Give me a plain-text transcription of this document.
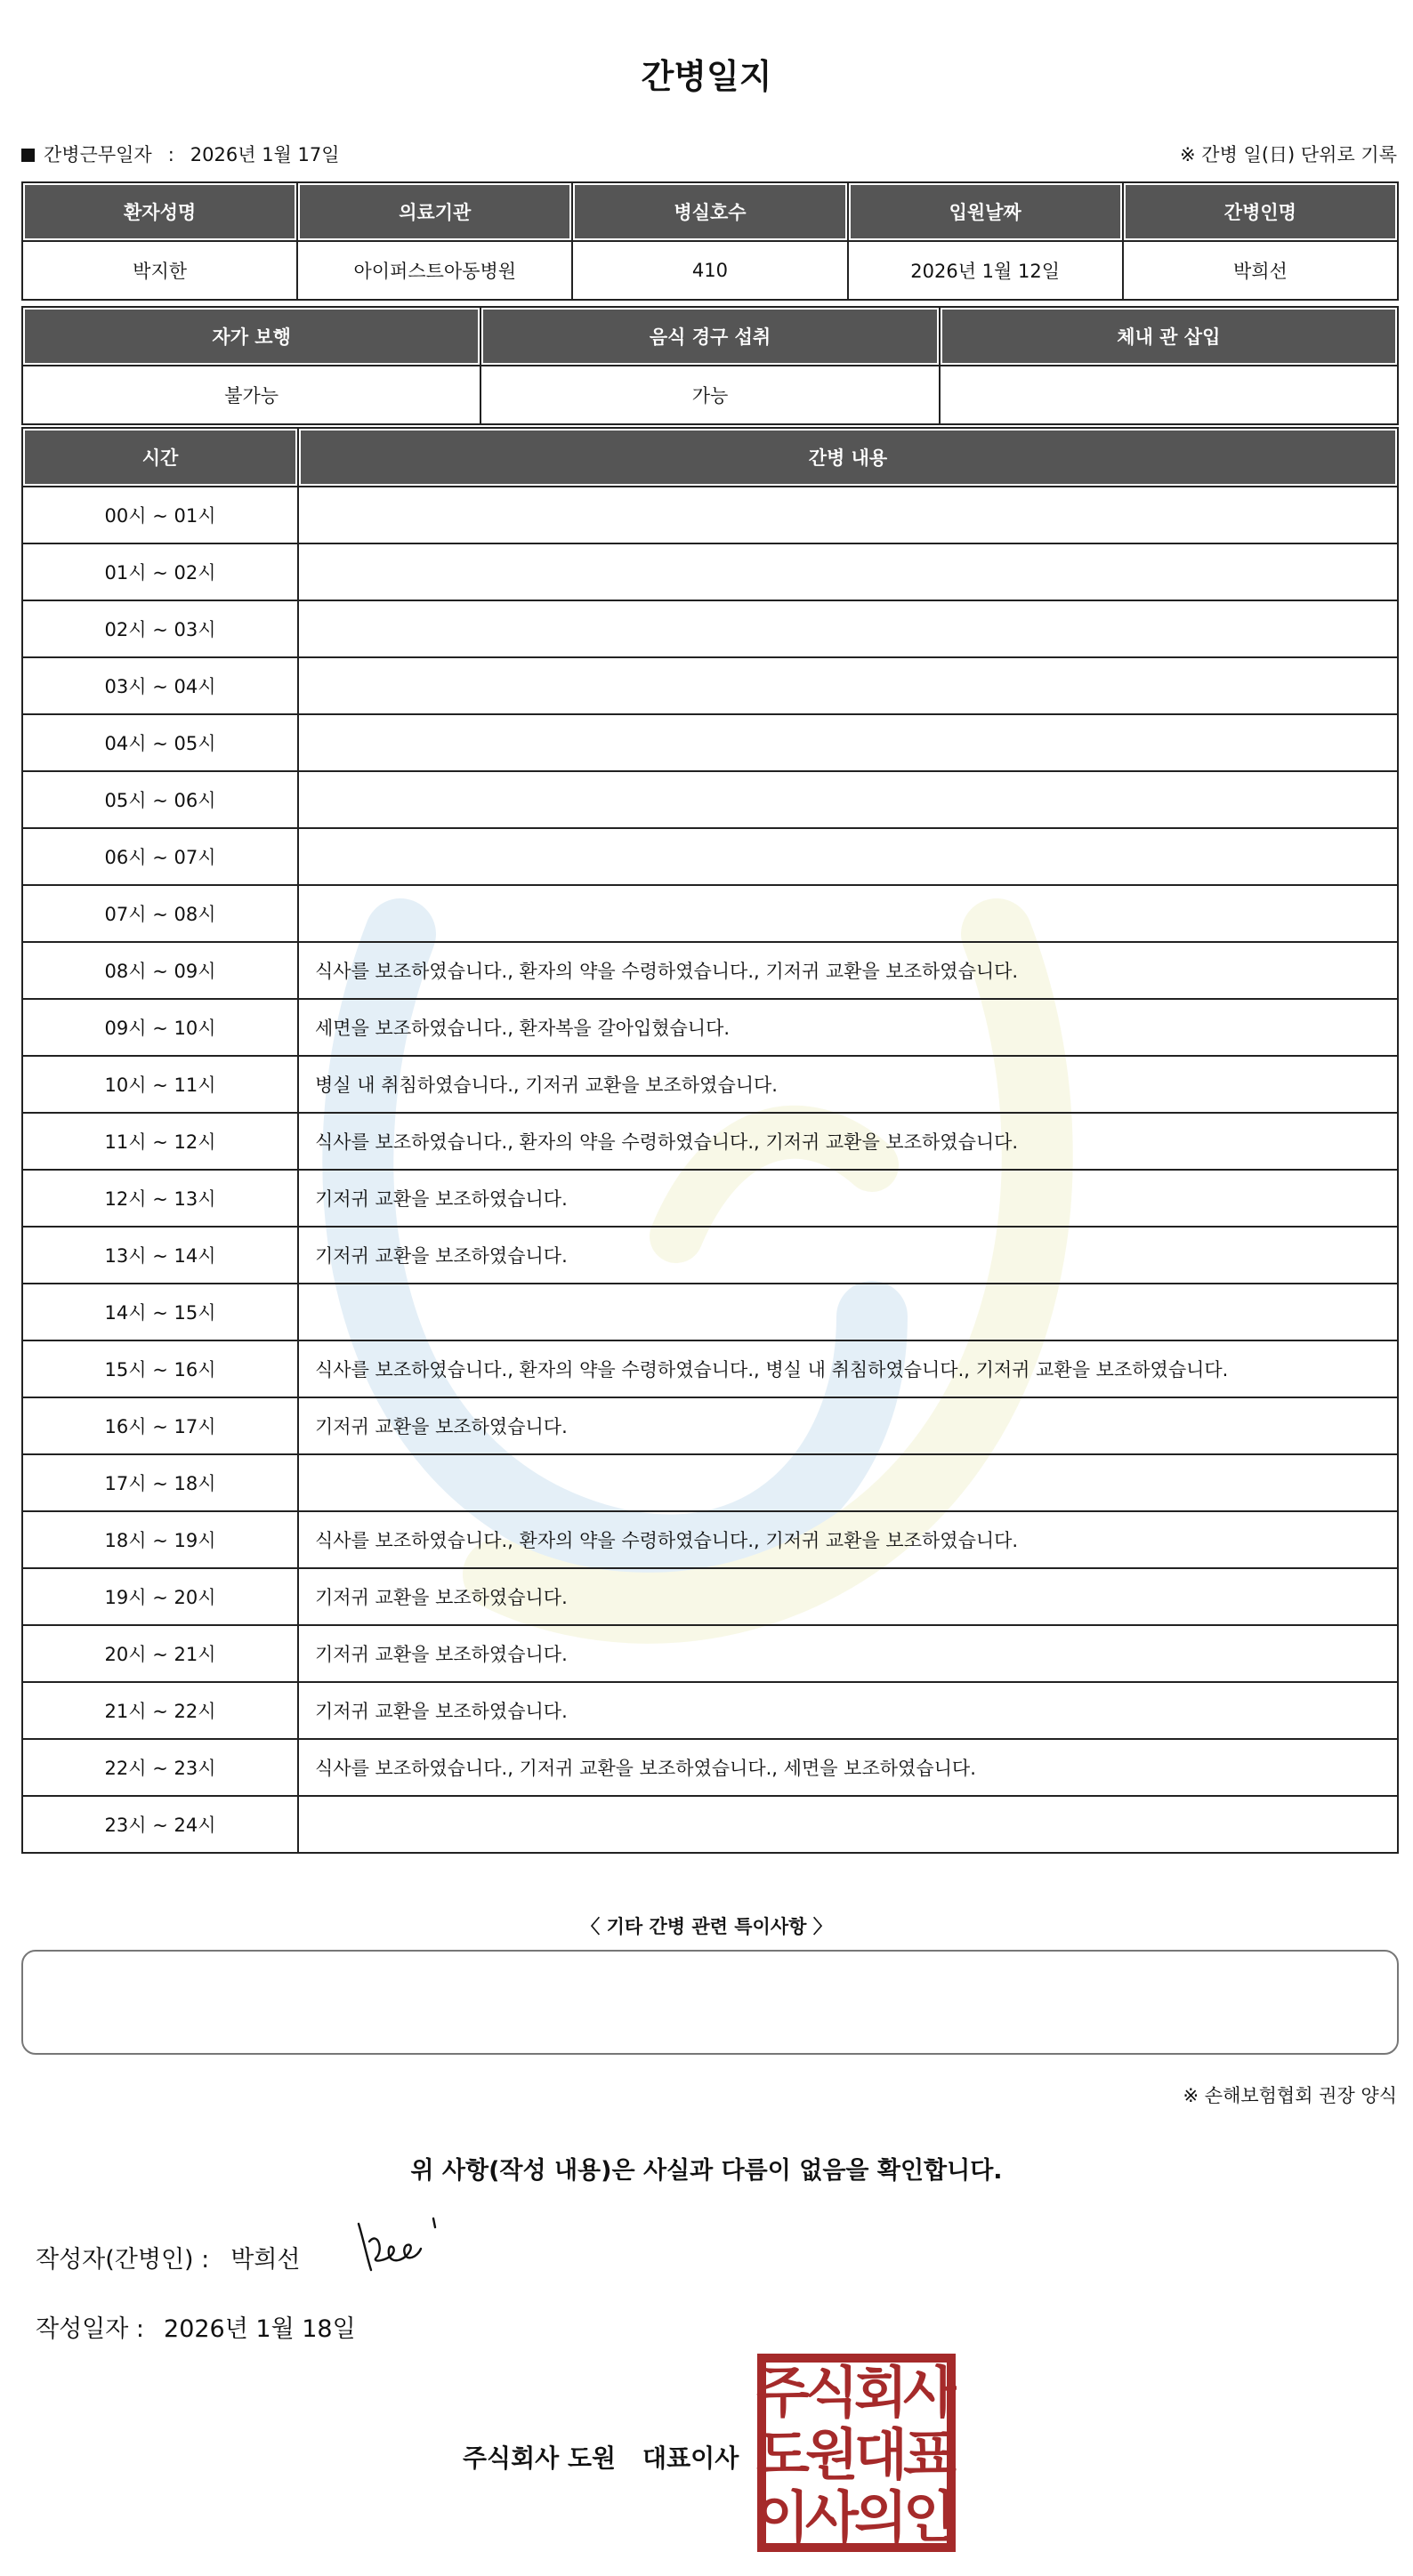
간병일지
간병근무일자 : 2026년 1월 17일	※ 간병 일(日) 단위로 기록
환자성명	의료기관	병실호수	입원날짜	간병인명

박지한	아이퍼스트아동병원	410	2026년 1월 12일	박희선
자가 보행	음식 경구 섭취	체내 관 삽입

불가능	가능	
시간	간병 내용

00시 ~ 01시	
01시 ~ 02시	
02시 ~ 03시	
03시 ~ 04시	
04시 ~ 05시	
05시 ~ 06시	
06시 ~ 07시	
07시 ~ 08시	
08시 ~ 09시	식사를 보조하였습니다., 환자의 약을 수령하였습니다., 기저귀 교환을 보조하였습니다.
09시 ~ 10시	세면을 보조하였습니다., 환자복을 갈아입혔습니다.
10시 ~ 11시	병실 내 취침하였습니다., 기저귀 교환을 보조하였습니다.
11시 ~ 12시	식사를 보조하였습니다., 환자의 약을 수령하였습니다., 기저귀 교환을 보조하였습니다.
12시 ~ 13시	기저귀 교환을 보조하였습니다.
13시 ~ 14시	기저귀 교환을 보조하였습니다.
14시 ~ 15시	
15시 ~ 16시	식사를 보조하였습니다., 환자의 약을 수령하였습니다., 병실 내 취침하였습니다., 기저귀 교환을 보조하였습니다.
16시 ~ 17시	기저귀 교환을 보조하였습니다.
17시 ~ 18시	
18시 ~ 19시	식사를 보조하였습니다., 환자의 약을 수령하였습니다., 기저귀 교환을 보조하였습니다.
19시 ~ 20시	기저귀 교환을 보조하였습니다.
20시 ~ 21시	기저귀 교환을 보조하였습니다.
21시 ~ 22시	기저귀 교환을 보조하였습니다.
22시 ~ 23시	식사를 보조하였습니다., 기저귀 교환을 보조하였습니다., 세면을 보조하였습니다.
23시 ~ 24시	
〈 기타 간병 관련 특이사항 〉
※ 손해보험협회 권장 양식
위 사항(작성 내용)은 사실과 다름이 없음을 확인합니다.
작성자(간병인) : 박희선
작성일자 : 2026년 1월 18일
주식회사 도원 대표이사
주
식
회
사
도
원
대
표
이
사
의
인
